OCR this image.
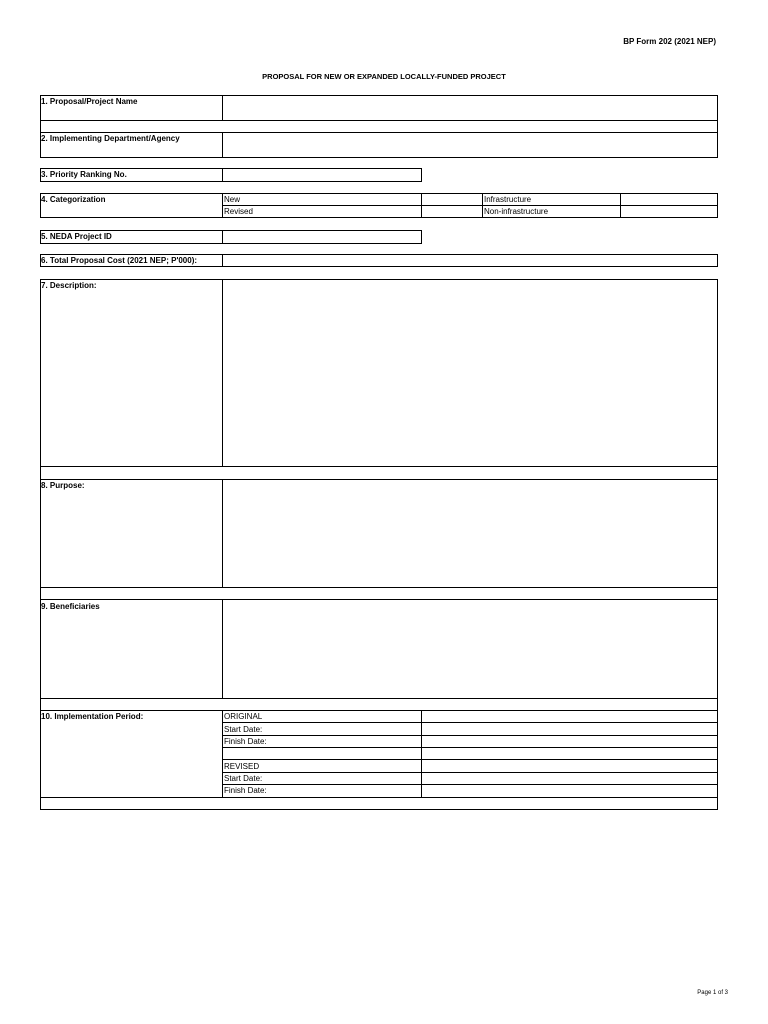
BP Form 202 (2021 NEP)
PROPOSAL FOR NEW OR EXPANDED LOCALLY-FUNDED PROJECT
1. Proposal/Project Name
2. Implementing Department/Agency
3. Priority Ranking No.
4. Categorization	New
Revised
Infrastructure
Non-infrastructure
5. NEDA Project ID
6. Total Proposal Cost (2021 NEP; P'000):
7. Description:
8. Purpose:
9. Beneficiaries
10. Implementation Period:	ORIGINAL
Start Date:
Finish Date:
REVISED
Start Date:
Finish Date:
Page 1 of 3
